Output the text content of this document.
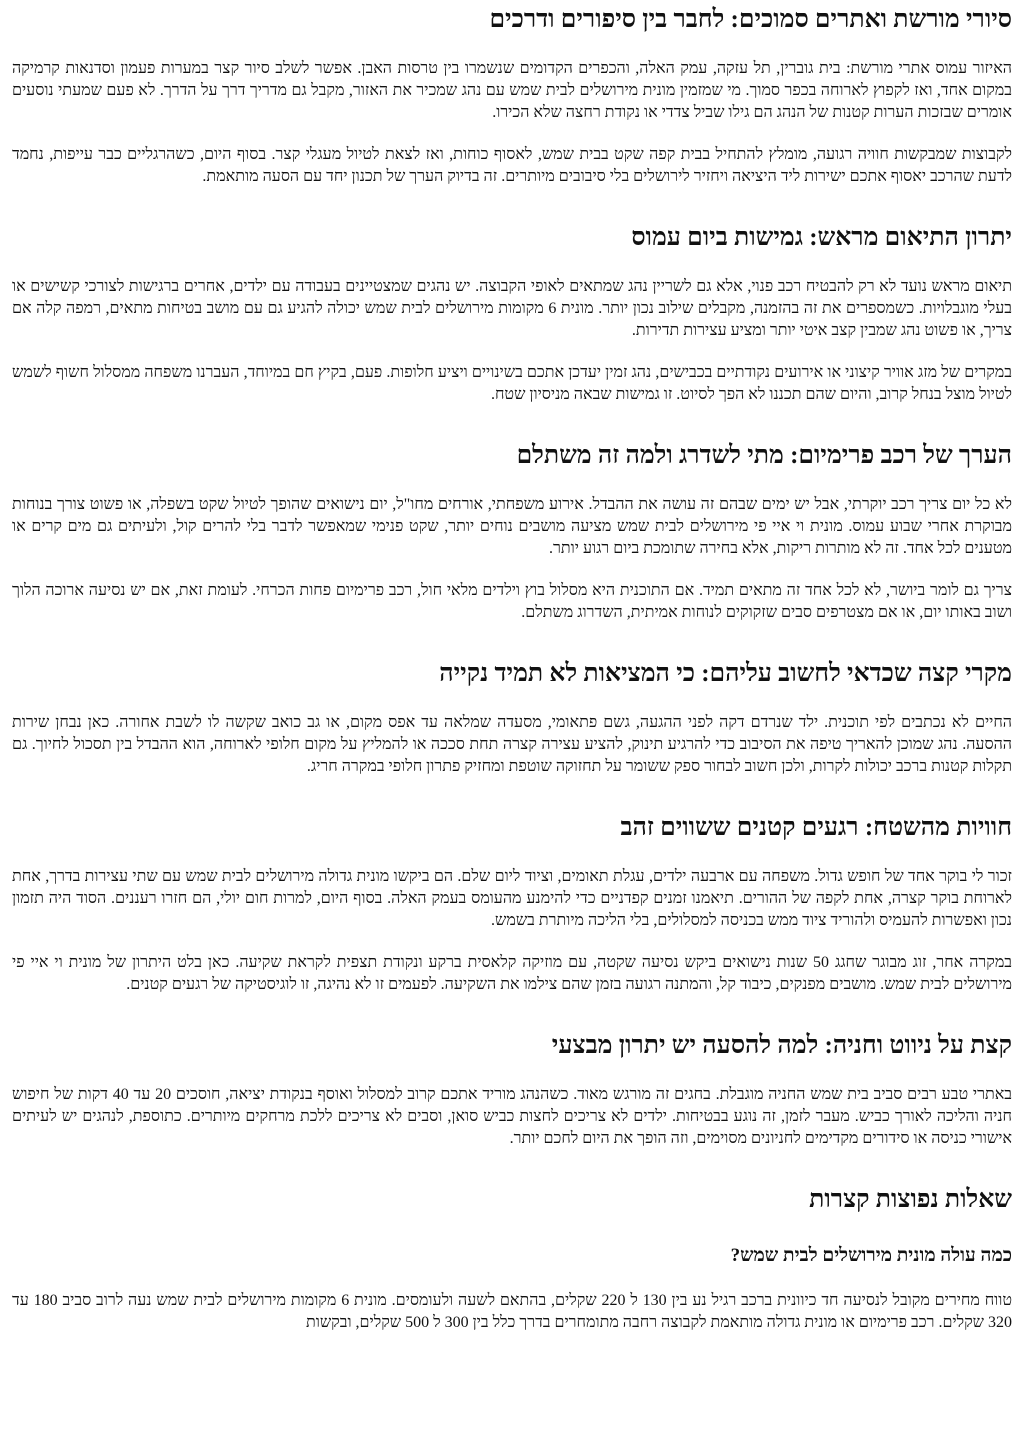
סיורי מורשת ואתרים סמוכים: לחבר בין סיפורים ודרכים

האיזור עמוס אתרי מורשת: בית גוברין, תל עזקה, עמק האלה, והכפרים הקדומים שנשמרו בין טרסות האבן. אפשר לשלב סיור קצר במערות פעמון וסדנאות קרמיקה במקום אחד, ואז לקפוץ לארוחה בכפר סמוך. מי שמזמין מונית מירושלים לבית שמש עם נהג שמכיר את האזור, מקבל גם מדריך דרך על הדרך. לא פעם שמעתי נוסעים אומרים שבזכות הערות קטנות של הנהג הם גילו שביל צדדי או נקודת רחצה שלא הכירו.

לקבוצות שמבקשות חוויה רגועה, מומלץ להתחיל בבית קפה שקט בבית שמש, לאסוף כוחות, ואז לצאת לטיול מעגלי קצר. בסוף היום, כשהרגליים כבר עייפות, נחמד לדעת שהרכב יאסוף אתכם ישירות ליד היציאה ויחזיר לירושלים בלי סיבובים מיותרים. זה בדיוק הערך של תכנון יחד עם הסעה מותאמת.

יתרון התיאום מראש: גמישות ביום עמוס

תיאום מראש נועד לא רק להבטיח רכב פנוי, אלא גם לשריין נהג שמתאים לאופי הקבוצה. יש נהגים שמצטיינים בעבודה עם ילדים, אחרים ברגישות לצורכי קשישים או בעלי מוגבלויות. כשמספרים את זה בהזמנה, מקבלים שילוב נכון יותר. מונית 6 מקומות מירושלים לבית שמש יכולה להגיע גם עם מושב בטיחות מתאים, רמפה קלה אם צריך, או פשוט נהג שמבין קצב איטי יותר ומציע עצירות תדירות.

במקרים של מזג אוויר קיצוני או אירועים נקודתיים בכבישים, נהג זמין יעדכן אתכם בשינויים ויציע חלופות. פעם, בקיץ חם במיוחד, העברנו משפחה ממסלול חשוף לשמש לטיול מוצל בנחל קרוב, והיום שהם תכננו לא הפך לסיוט. זו גמישות שבאה מניסיון שטח.

הערך של רכב פרימיום: מתי לשדרג ולמה זה משתלם

לא כל יום צריך רכב יוקרתי, אבל יש ימים שבהם זה עושה את ההבדל. אירוע משפחתי, אורחים מחו"ל, יום נישואים שהופך לטיול שקט בשפלה, או פשוט צורך בנוחות מבוקרת אחרי שבוע עמוס. מונית וי איי פי מירושלים לבית שמש מציעה מושבים נוחים יותר, שקט פנימי שמאפשר לדבר בלי להרים קול, ולעיתים גם מים קרים או מטענים לכל אחד. זה לא מותרות ריקות, אלא בחירה שתומכת ביום רגוע יותר.

צריך גם לומר ביושר, לא לכל אחד זה מתאים תמיד. אם התוכנית היא מסלול בוץ וילדים מלאי חול, רכב פרימיום פחות הכרחי. לעומת זאת, אם יש נסיעה ארוכה הלוך ושוב באותו יום, או אם מצטרפים סבים שזקוקים לנוחות אמיתית, השדרוג משתלם.

מקרי קצה שכדאי לחשוב עליהם: כי המציאות לא תמיד נקייה

החיים לא נכתבים לפי תוכנית. ילד שנרדם דקה לפני ההגעה, גשם פתאומי, מסעדה שמלאה עד אפס מקום, או גב כואב שקשה לו לשבת אחורה. כאן נבחן שירות ההסעה. נהג שמוכן להאריך טיפה את הסיבוב כדי להרגיע תינוק, להציע עצירה קצרה תחת סככה או להמליץ על מקום חלופי לארוחה, הוא ההבדל בין תסכול לחיוך. גם תקלות קטנות ברכב יכולות לקרות, ולכן חשוב לבחור ספק ששומר על תחזוקה שוטפת ומחזיק פתרון חלופי במקרה חריג.

חוויות מהשטח: רגעים קטנים ששווים זהב

זכור לי בוקר אחד של חופש גדול. משפחה עם ארבעה ילדים, עגלת תאומים, וציוד ליום שלם. הם ביקשו מונית גדולה מירושלים לבית שמש עם שתי עצירות בדרך, אחת לארוחת בוקר קצרה, אחת לקפה של ההורים. תיאמנו זמנים קפדניים כדי להימנע מהעומס בעמק האלה. בסוף היום, למרות חום יולי, הם חזרו רעננים. הסוד היה תזמון נכון ואפשרות להעמיס ולהוריד ציוד ממש בכניסה למסלולים, בלי הליכה מיותרת בשמש.

במקרה אחר, זוג מבוגר שחגג 50 שנות נישואים ביקש נסיעה שקטה, עם מוזיקה קלאסית ברקע ונקודת תצפית לקראת שקיעה. כאן בלט היתרון של מונית וי איי פי מירושלים לבית שמש. מושבים מפנקים, כיבוד קל, והמתנה רגועה בזמן שהם צילמו את השקיעה. לפעמים זו לא נהיגה, זו לוגיסטיקה של רגעים קטנים.

קצת על ניווט וחניה: למה להסעה יש יתרון מבצעי

באתרי טבע רבים סביב בית שמש החניה מוגבלת. בחגים זה מורגש מאוד. כשהנהג מוריד אתכם קרוב למסלול ואוסף בנקודת יציאה, חוסכים 20 עד 40 דקות של חיפוש חניה והליכה לאורך כביש. מעבר לזמן, זה נוגע בבטיחות. ילדים לא צריכים לחצות כביש סואן, וסבים לא צריכים ללכת מרחקים מיותרים. כתוספת, לנהגים יש לעיתים אישורי כניסה או סידורים מקדימים לחניונים מסוימים, וזה הופך את היום לחכם יותר.

שאלות נפוצות קצרות
כמה עולה מונית מירושלים לבית שמש?

טווח מחירים מקובל לנסיעה חד כיוונית ברכב רגיל נע בין 130 ל 220 שקלים, בהתאם לשעה ולעומסים. מונית 6 מקומות מירושלים לבית שמש נעה לרוב סביב 180 עד 320 שקלים. רכב פרימיום או מונית גדולה מותאמת לקבוצה רחבה מתומחרים בדרך כלל בין 300 ל 500 שקלים, ובקשות
